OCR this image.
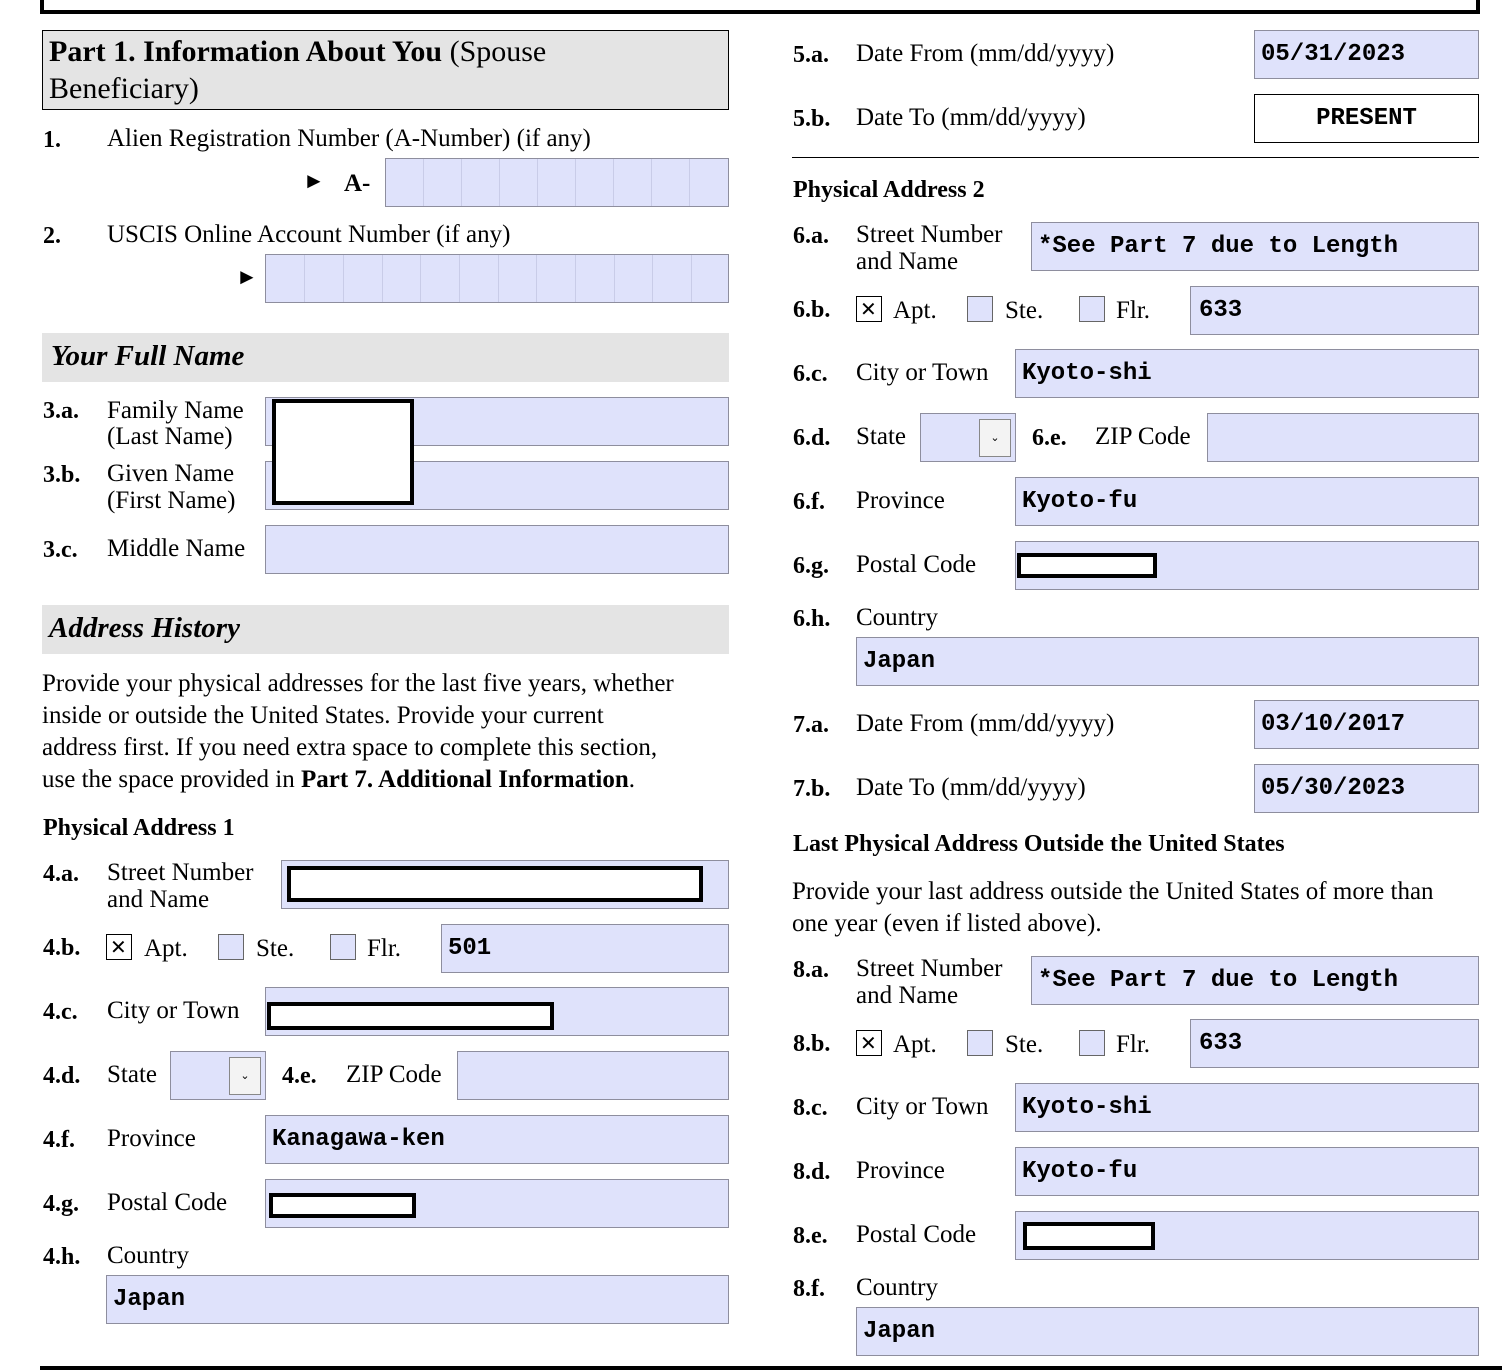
Part 1. Information About You (Spouse
Beneficiary)
1. Alien Registration Number (A-Number) (if any)
► A-
2. USCIS Online Account Number (if any)
►
Your Full Name
3.a. Family Name
(Last Name)
3.b. Given Name
(First Name)
3.c. Middle Name
Address History
Provide your physical addresses for the last five years, whether
inside or outside the United States. Provide your current
address first. If you need extra space to complete this section,
use the space provided in Part 7. Additional Information.
Physical Address 1
4.a. Street Number
and Name
4.b. ✕ Apt.	Ste.	Flr. 501
4.c. City or Town
4.d. State	⌄	4.e. ZIP Code
4.f. Province	Kanagawa-ken
4.g. Postal Code
4.h. Country
Japan
5.a. Date From (mm/dd/yyyy)	05/31/2023
5.b. Date To (mm/dd/yyyy)	PRESENT
Physical Address 2
6.a. Street Number
and Name
*See Part 7 due to Length
6.b. ✕ Apt.	Ste.	Flr. 633
6.c. City or Town Kyoto-shi
6.d. State	⌄	6.e. ZIP Code
6.f. Province	Kyoto-fu
6.g. Postal Code
6.h. Country
Japan
7.a. Date From (mm/dd/yyyy)	03/10/2017
7.b. Date To (mm/dd/yyyy)	05/30/2023
Last Physical Address Outside the United States
Provide your last address outside the United States of more than
one year (even if listed above).
8.a. Street Number
and Name
*See Part 7 due to Length
8.b. ✕ Apt.	Ste.	Flr. 633
8.c. City or Town Kyoto-shi
8.d. Province	Kyoto-fu
8.e. Postal Code
8.f. Country
Japan
